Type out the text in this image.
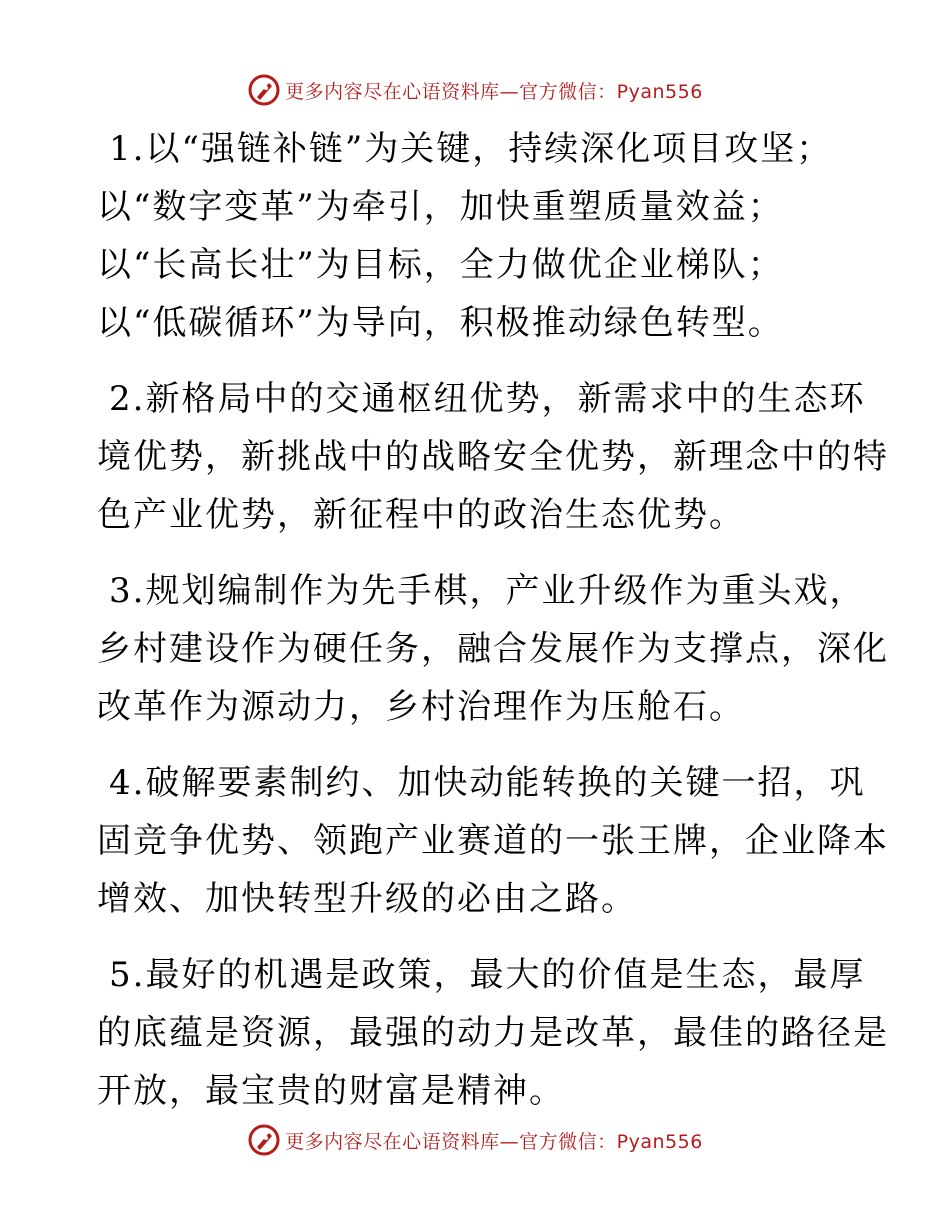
更多内容尽在心语资料库—官方微信：Pyan556
1.以“强链补链”为关键，持续深化项目攻坚；
以“数字变革”为牵引，加快重塑质量效益；
以“长高长壮”为目标，全力做优企业梯队；
以“低碳循环”为导向，积极推动绿色转型。
2.新格局中的交通枢纽优势，新需求中的生态环
境优势，新挑战中的战略安全优势，新理念中的特
色产业优势，新征程中的政治生态优势。
3.规划编制作为先手棋，产业升级作为重头戏，
乡村建设作为硬任务，融合发展作为支撑点，深化
改革作为源动力，乡村治理作为压舱石。
4.破解要素制约、加快动能转换的关键一招，巩
固竞争优势、领跑产业赛道的一张王牌，企业降本
增效、加快转型升级的必由之路。
5.最好的机遇是政策，最大的价值是生态，最厚
的底蕴是资源，最强的动力是改革，最佳的路径是
开放，最宝贵的财富是精神。
更多内容尽在心语资料库—官方微信：Pyan556
